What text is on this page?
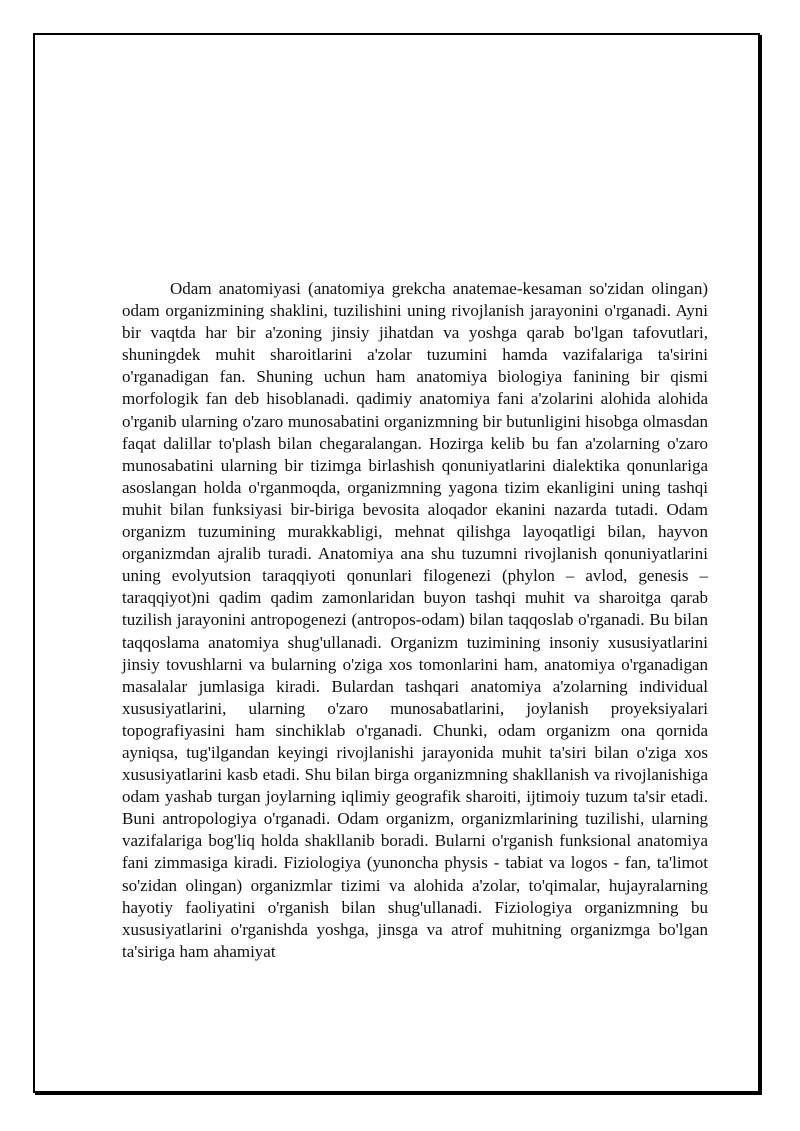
Odam anatomiyasi (anatomiya grekcha anatemae-kesaman so'zidan olingan) odam organizmining shaklini, tuzilishini uning rivojlanish jarayonini o'rganadi. Ayni bir vaqtda har bir a'zoning jinsiy jihatdan va yoshga qarab bo'lgan tafovutlari, shuningdek muhit sharoitlarini a'zolar tuzumini hamda vazifalariga ta'sirini o'rganadigan fan. Shuning uchun ham anatomiya biologiya fanining bir qismi morfologik fan deb hisoblanadi. qadimiy anatomiya fani a'zolarini alohida alohida o'rganib ularning o'zaro munosabatini organizmning bir butunligini hisobga olmasdan faqat dalillar to'plash bilan chegaralangan. Hozirga kelib bu fan a'zolarning o'zaro munosabatini ularning bir tizimga birlashish qonuniyatlarini dialektika qonunlariga asoslangan holda o'rganmoqda, organizmning yagona tizim ekanligini uning tashqi muhit bilan funksiyasi bir-biriga bevosita aloqador ekanini nazarda tutadi. Odam organizm tuzumining murakkabligi, mehnat qilishga layoqatligi bilan, hayvon organizmdan ajralib turadi. Anatomiya ana shu tuzumni rivojlanish qonuniyatlarini uning evolyutsion taraqqiyoti qonunlari filogenezi (phylon – avlod, genesis – taraqqiyot)ni qadim qadim zamonlaridan buyon tashqi muhit va sharoitga qarab tuzilish jarayonini antropogenezi (antropos-odam) bilan taqqoslab o'rganadi. Bu bilan taqqoslama anatomiya shug'ullanadi. Organizm tuzimining insoniy xususiyatlarini jinsiy tovushlarni va bularning o'ziga xos tomonlarini ham, anatomiya o'rganadigan masalalar jumlasiga kiradi. Bulardan tashqari anatomiya a'zolarning individual xususiyatlarini, ularning o'zaro munosabatlarini, joylanish proyeksiyalari topografiyasini ham sinchiklab o'rganadi. Chunki, odam organizm ona qornida ayniqsa, tug'ilgandan keyingi rivojlanishi jarayonida muhit ta'siri bilan o'ziga xos xususiyatlarini kasb etadi. Shu bilan birga organizmning shakllanish va rivojlanishiga odam yashab turgan joylarning iqlimiy geografik sharoiti, ijtimoiy tuzum ta'sir etadi. Buni antropologiya o'rganadi. Odam organizm, organizmlarining tuzilishi, ularning vazifalariga bog'liq holda shakllanib boradi. Bularni o'rganish funksional anatomiya fani zimmasiga kiradi. Fiziologiya (yunoncha physis - tabiat va logos - fan, ta'limot so'zidan olingan) organizmlar tizimi va alohida a'zolar, to'qimalar, hujayralarning hayotiy faoliyatini o'rganish bilan shug'ullanadi. Fiziologiya organizmning bu xususiyatlarini o'rganishda yoshga, jinsga va atrof muhitning organizmga bo'lgan ta'siriga ham ahamiyat
